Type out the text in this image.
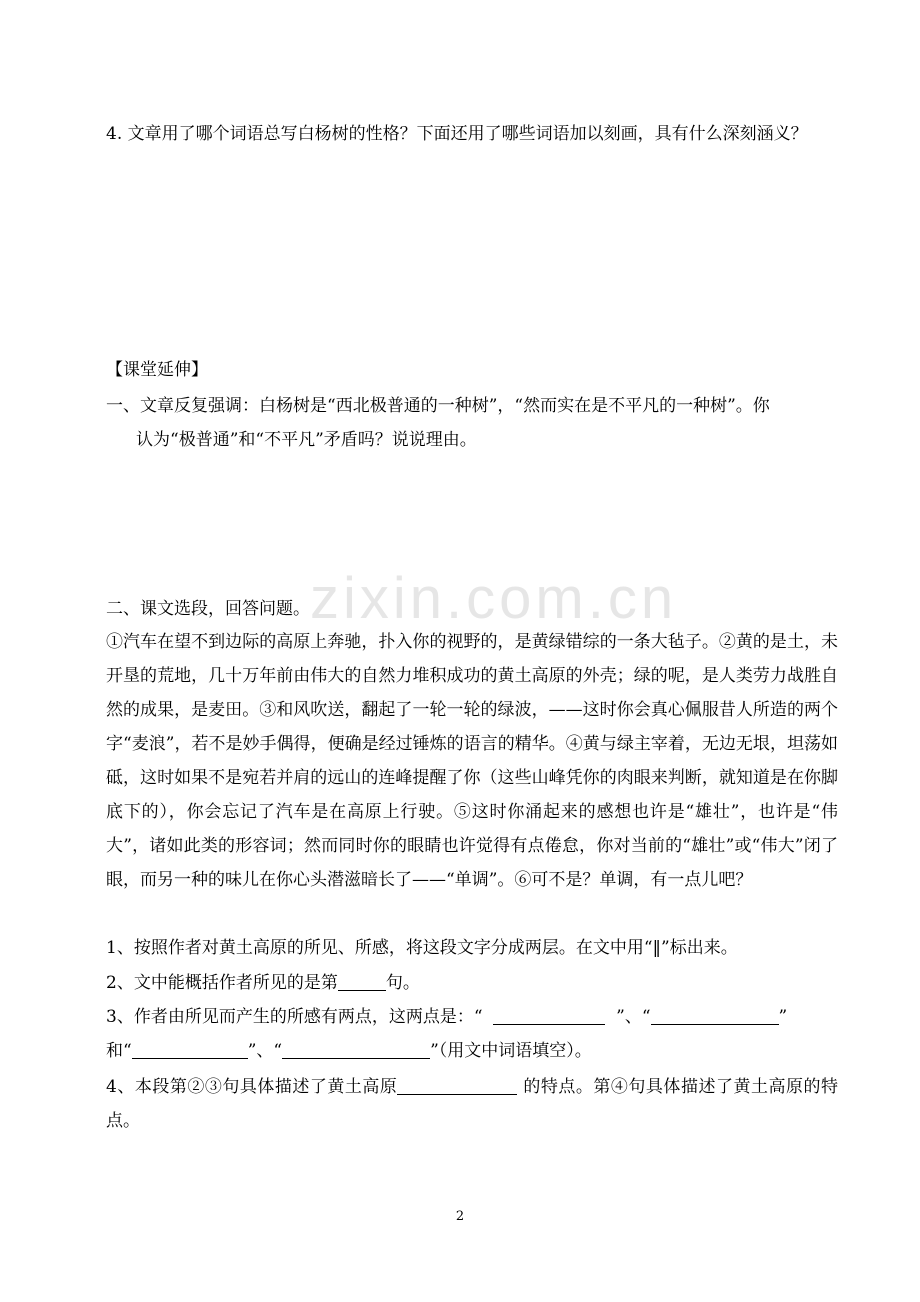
zixin.com.cn

4. 文章用了哪个词语总写白杨树的性格？下面还用了哪些词语加以刻画，具有什么深刻涵义？

【课堂延伸】

一、文章反复强调：白杨树是“西北极普通的一种树”，“然而实在是不平凡的一种树”。你
认为“极普通”和“不平凡”矛盾吗？说说理由。

二、课文选段，回答问题。

①汽车在望不到边际的高原上奔驰，扑入你的视野的，是黄绿错综的一条大毡子。②黄的是土，未开垦的荒地，几十万年前由伟大的自然力堆积成功的黄土高原的外壳；绿的呢，是人类劳力战胜自然的成果，是麦田。③和风吹送，翻起了一轮一轮的绿波，——这时你会真心佩服昔人所造的两个字“麦浪”，若不是妙手偶得，便确是经过锤炼的语言的精华。④黄与绿主宰着，无边无垠，坦荡如砥，这时如果不是宛若并肩的远山的连峰提醒了你（这些山峰凭你的肉眼来判断，就知道是在你脚底下的），你会忘记了汽车是在高原上行驶。⑤这时你涌起来的感想也许是“雄壮”，也许是“伟大”，诸如此类的形容词；然而同时你的眼睛也许觉得有点倦怠，你对当前的“雄壮”或“伟大”闭了眼，而另一种的味儿在你心头潜滋暗长了——“单调”。⑥可不是？单调，有一点儿吧？

1、按照作者对黄土高原的所见、所感，将这段文字分成两层。在文中用“‖”标出来。

2、文中能概括作者所见的是第	句。

3、作者由所见而产生的所感有两点，这两点是：“	”、“	”
和“	”、“	”（用文中词语填空）。

4、本段第②③句具体描述了黄土高原	的特点。第④句具体描述了黄土高原的特点。

2
